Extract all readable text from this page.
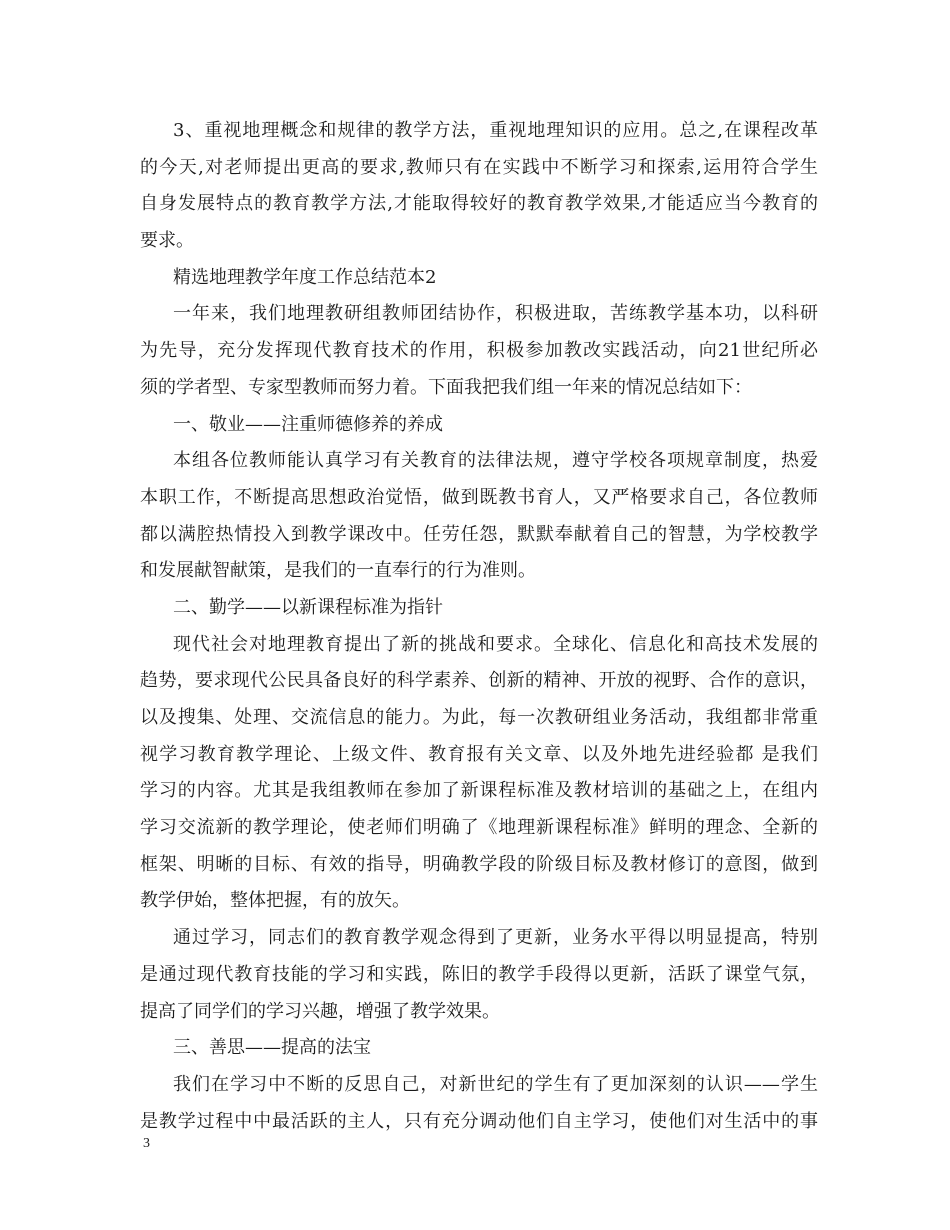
3、重视地理概念和规律的教学方法，重视地理知识的应用。总之,在课程改革
的今天,对老师提出更高的要求,教师只有在实践中不断学习和探索,运用符合学生
自身发展特点的教育教学方法,才能取得较好的教育教学效果,才能适应当今教育的
要求。
精选地理教学年度工作总结范本2
一年来，我们地理教研组教师团结协作，积极进取，苦练教学基本功，以科研
为先导，充分发挥现代教育技术的作用，积极参加教改实践活动，向21世纪所必
须的学者型、专家型教师而努力着。下面我把我们组一年来的情况总结如下：
一、敬业——注重师德修养的养成
本组各位教师能认真学习有关教育的法律法规，遵守学校各项规章制度，热爱
本职工作，不断提高思想政治觉悟，做到既教书育人，又严格要求自己，各位教师
都以满腔热情投入到教学课改中。任劳任怨，默默奉献着自己的智慧，为学校教学
和发展献智献策，是我们的一直奉行的行为准则。
二、勤学——以新课程标准为指针
现代社会对地理教育提出了新的挑战和要求。全球化、信息化和高技术发展的
趋势，要求现代公民具备良好的科学素养、创新的精神、开放的视野、合作的意识，
以及搜集、处理、交流信息的能力。为此，每一次教研组业务活动，我组都非常重
视学习教育教学理论、上级文件、教育报有关文章、以及外地先进经验都 是我们
学习的内容。尤其是我组教师在参加了新课程标准及教材培训的基础之上，在组内
学习交流新的教学理论，使老师们明确了《地理新课程标准》鲜明的理念、全新的
框架、明晰的目标、有效的指导，明确教学段的阶级目标及教材修订的意图，做到
教学伊始，整体把握，有的放矢。
通过学习，同志们的教育教学观念得到了更新，业务水平得以明显提高，特别
是通过现代教育技能的学习和实践，陈旧的教学手段得以更新，活跃了课堂气氛，
提高了同学们的学习兴趣，增强了教学效果。
三、善思——提高的法宝
我们在学习中不断的反思自己，对新世纪的学生有了更加深刻的认识——学生
是教学过程中中最活跃的主人，只有充分调动他们自主学习，使他们对生活中的事
3
